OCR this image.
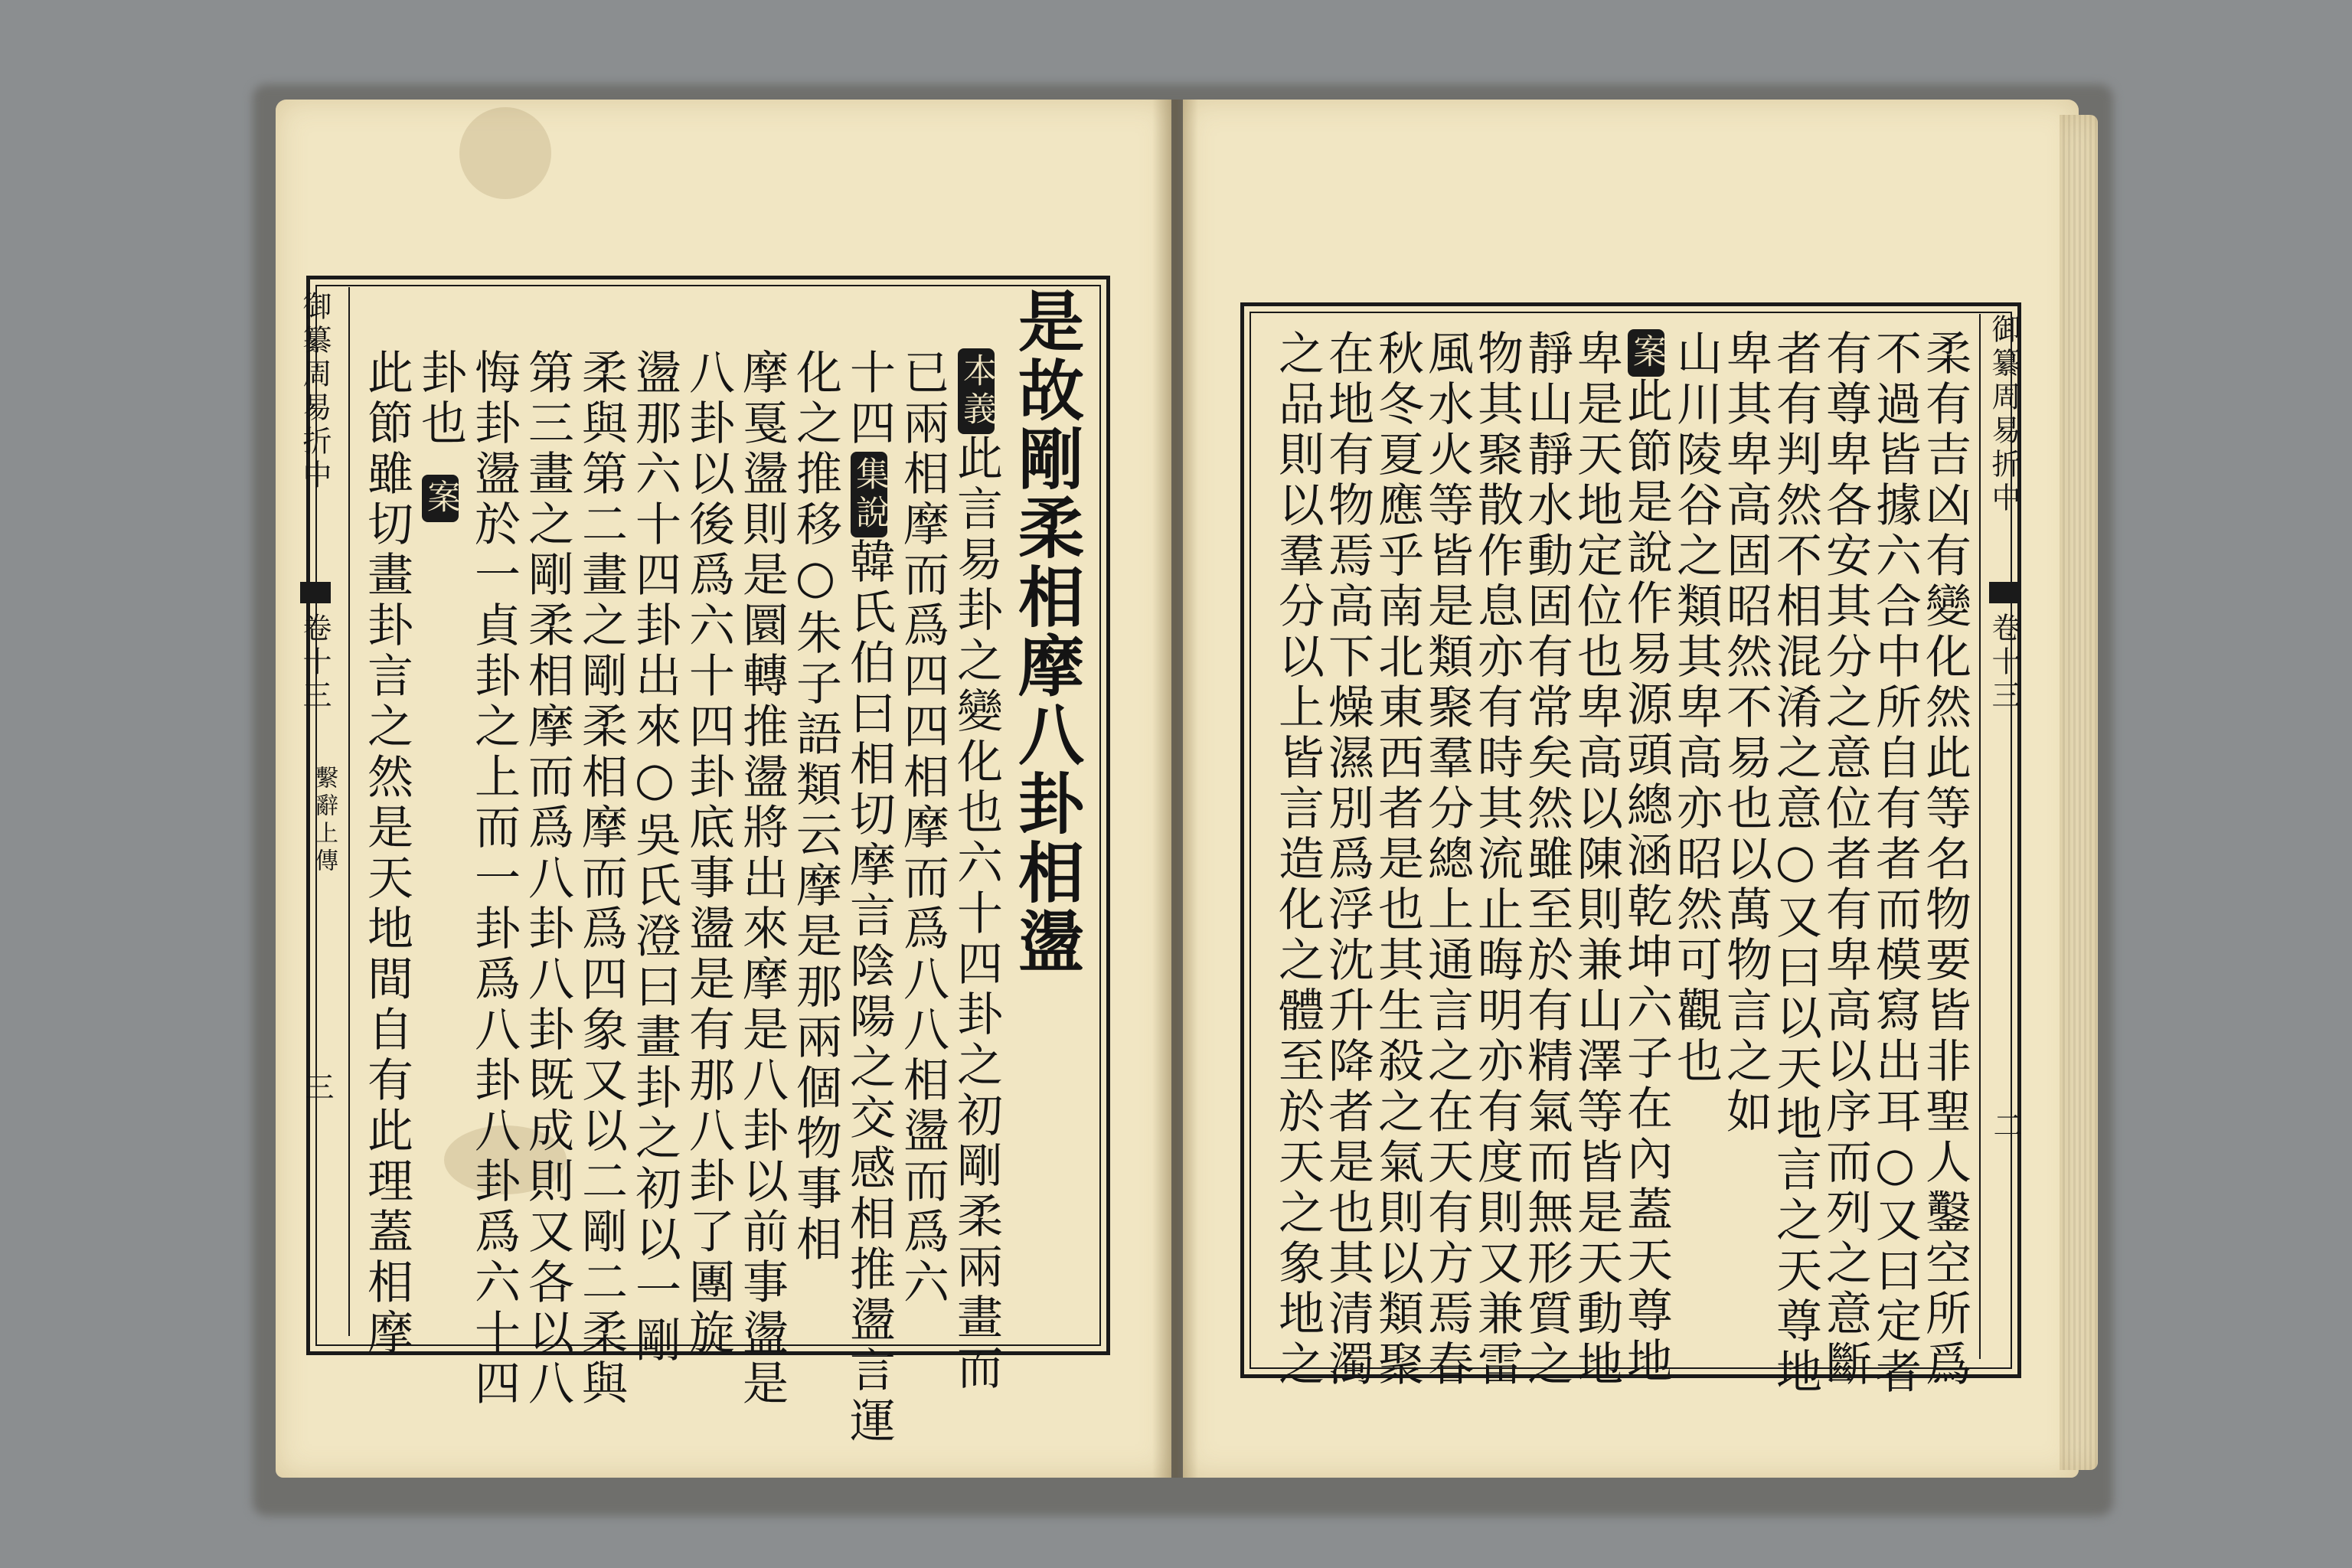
御纂周易折中
卷十三
繫辭上傳
三
是故剛柔相摩八卦相盪
本義此言易卦之變化也六十四卦之初剛柔兩畫而
已兩相摩而爲四四相摩而爲八八相盪而爲六
十四
集說韓氏伯曰相切摩言陰陽之交感相推盪言運
化之推移○朱子語類云摩是那兩個物事相
摩戛盪則是圜轉推盪將出來摩是八卦以前事盪是
八卦以後爲六十四卦底事盪是有那八卦了團旋
盪那六十四卦出來○吳氏澄曰畫卦之初以一剛
柔與第二畫之剛柔相摩而爲四象又以二剛二柔與
第三畫之剛柔相摩而爲八卦八卦既成則又各以八
悔卦盪於一貞卦之上而一卦爲八卦八卦爲六十四
卦也
案
此節雖切畫卦言之然是天地間自有此理蓋相摩	御纂周易折中
卷十三
二
柔有吉凶有變化然此等名物要皆非聖人鑿空所爲
不過皆據六合中所自有者而模寫出耳○又曰定者
有尊卑各安其分之意位者有卑高以序而列之意斷
者有判然不相混淆之意○又曰以天地言之天尊地
卑其卑高固昭然不易也以萬物言之如
山川陵谷之類其卑高亦昭然可觀也
案此節是說作易源頭總涵乾坤六子在內蓋天尊地
卑是天地定位也卑高以陳則兼山澤等皆是天動地
靜山靜水動固有常矣然雖至於有精氣而無形質之
物其聚散作息亦有時其流止晦明亦有度則又兼雷
風水火等皆是類聚羣分總上通言之在天有方焉春
秋冬夏應乎南北東西者是也其生殺之氣則以類聚
在地有物焉高下燥濕別爲浮沈升降者是也其清濁
之品則以羣分以上皆言造化之體至於天之象地之
